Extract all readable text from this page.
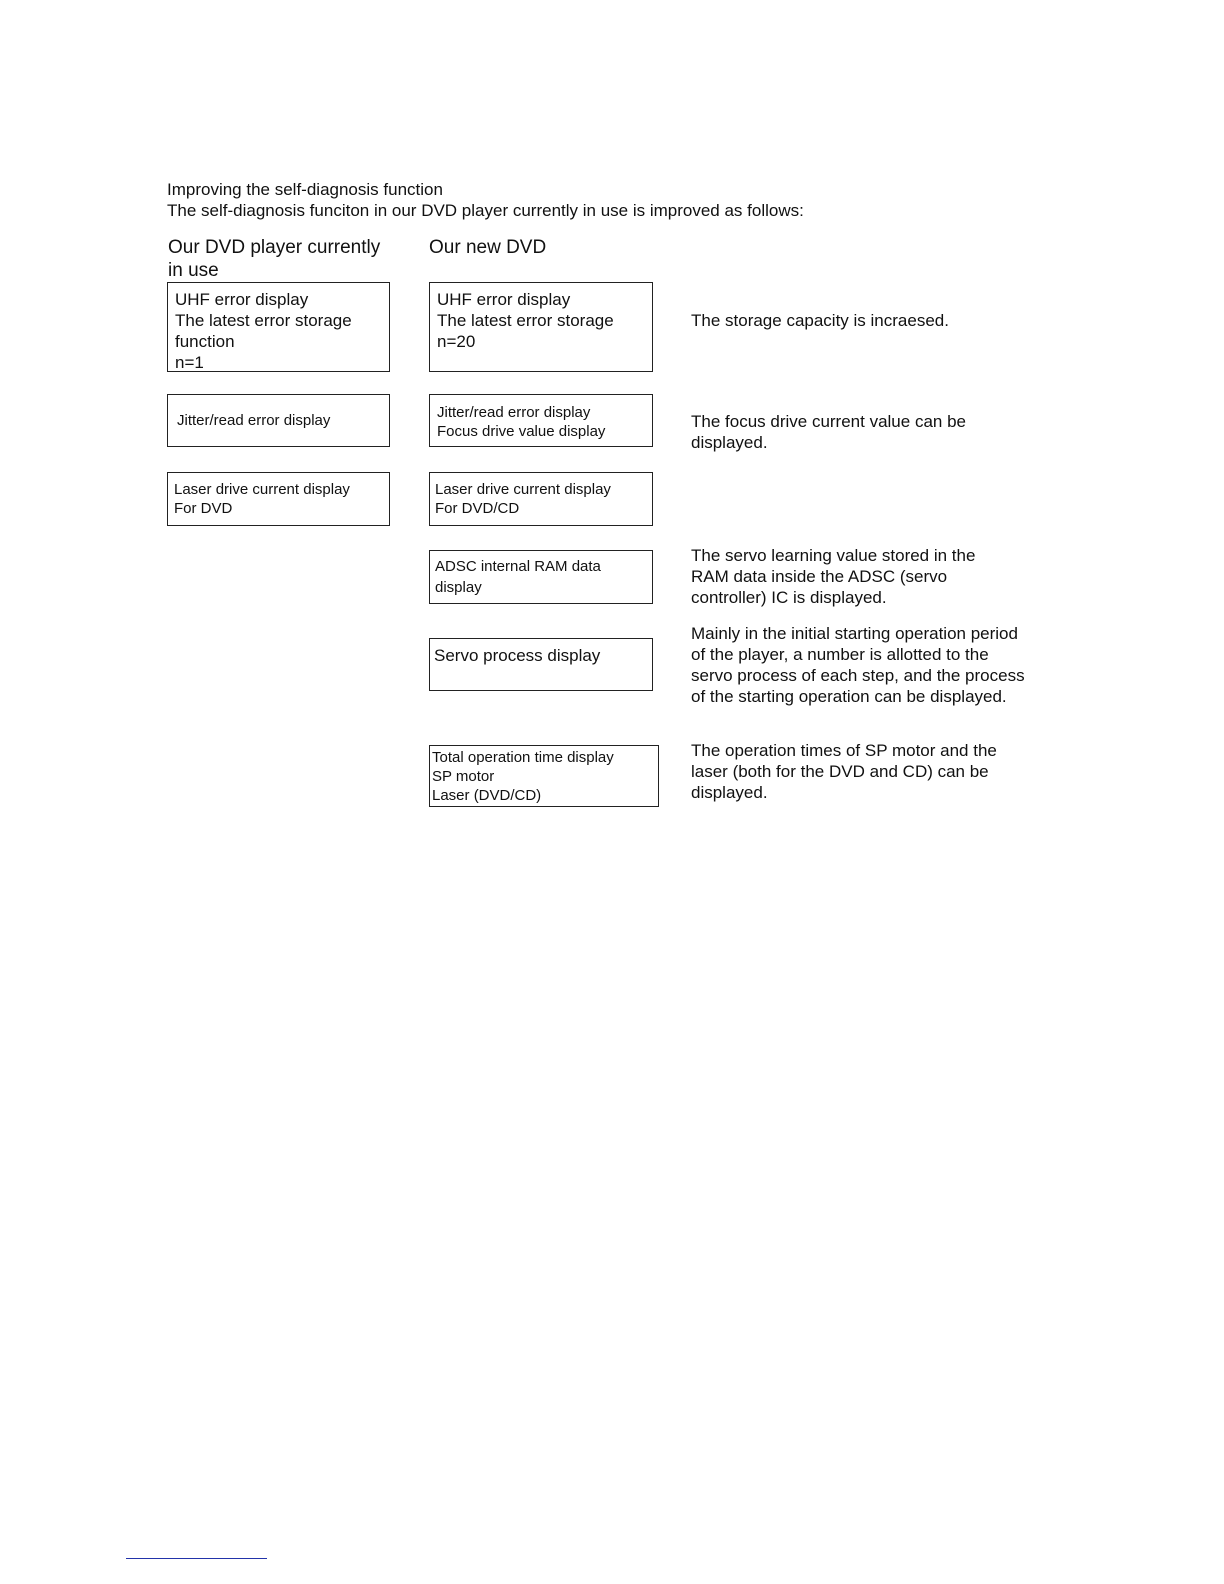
Improving the self-diagnosis function
The self-diagnosis funciton in our DVD player currently in use is improved as follows:
Our DVD player currently
in use
Our new DVD
UHF error display
The latest error storage
function
n=1
Jitter/read error display
Laser drive current display
For DVD
UHF error display
The latest error storage
n=20
Jitter/read error display
Focus drive value display
Laser drive current display
For DVD/CD
ADSC internal RAM data
display
Servo process display
Total operation time display
SP motor
Laser (DVD/CD)
The storage capacity is incraesed.
The focus drive current value can be displayed.
The servo learning value stored in the RAM data inside the ADSC (servo controller) IC is displayed.
Mainly in the initial starting operation period of the player, a number is allotted to the servo process of each step, and the process of the starting operation can be displayed.
The operation times of SP motor and the laser (both for the DVD and CD) can be displayed.
